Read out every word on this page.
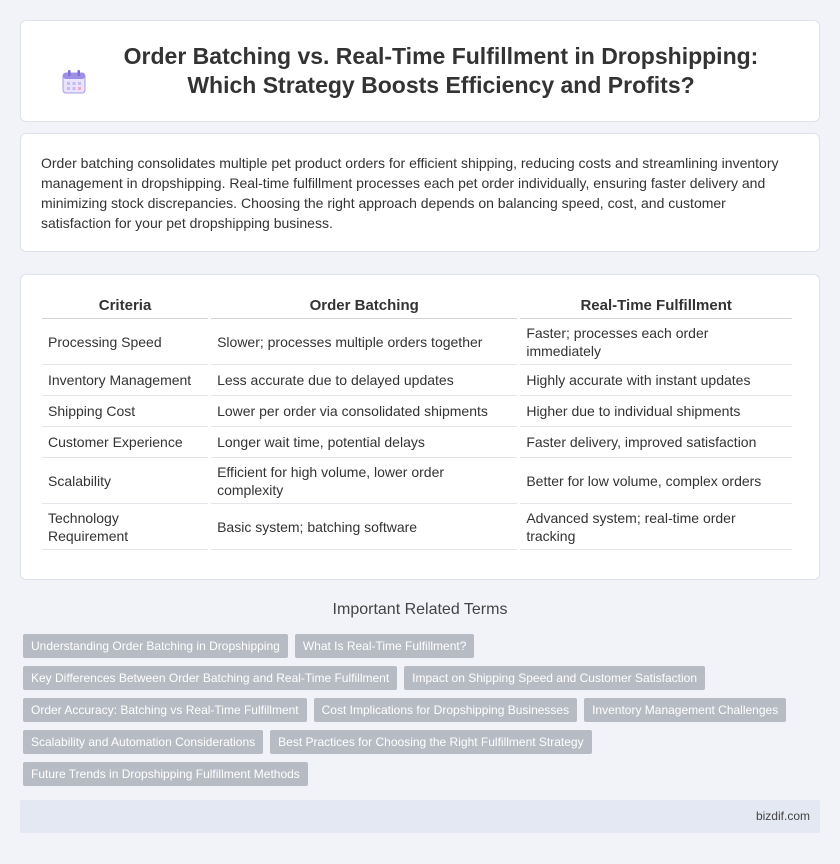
Order Batching vs. Real-Time Fulfillment in Dropshipping: Which Strategy Boosts Efficiency and Profits?

Order batching consolidates multiple pet product orders for efficient shipping, reducing costs and streamlining inventory management in dropshipping. Real-time fulfillment processes each pet order individually, ensuring faster delivery and minimizing stock discrepancies. Choosing the right approach depends on balancing speed, cost, and customer satisfaction for your pet dropshipping business.

Criteria	Order Batching	Real-Time Fulfillment
Processing Speed	Slower; processes multiple orders together	Faster; processes each order immediately
Inventory Management	Less accurate due to delayed updates	Highly accurate with instant updates
Shipping Cost	Lower per order via consolidated shipments	Higher due to individual shipments
Customer Experience	Longer wait time, potential delays	Faster delivery, improved satisfaction
Scalability	Efficient for high volume, lower order complexity	Better for low volume, complex orders
Technology Requirement	Basic system; batching software	Advanced system; real-time order tracking
Important Related Terms
Understanding Order Batching in Dropshipping	What Is Real-Time Fulfillment?
Key Differences Between Order Batching and Real-Time Fulfillment	Impact on Shipping Speed and Customer Satisfaction
Order Accuracy: Batching vs Real-Time Fulfillment	Cost Implications for Dropshipping Businesses	Inventory Management Challenges
Scalability and Automation Considerations	Best Practices for Choosing the Right Fulfillment Strategy
Future Trends in Dropshipping Fulfillment Methods
bizdif.com
